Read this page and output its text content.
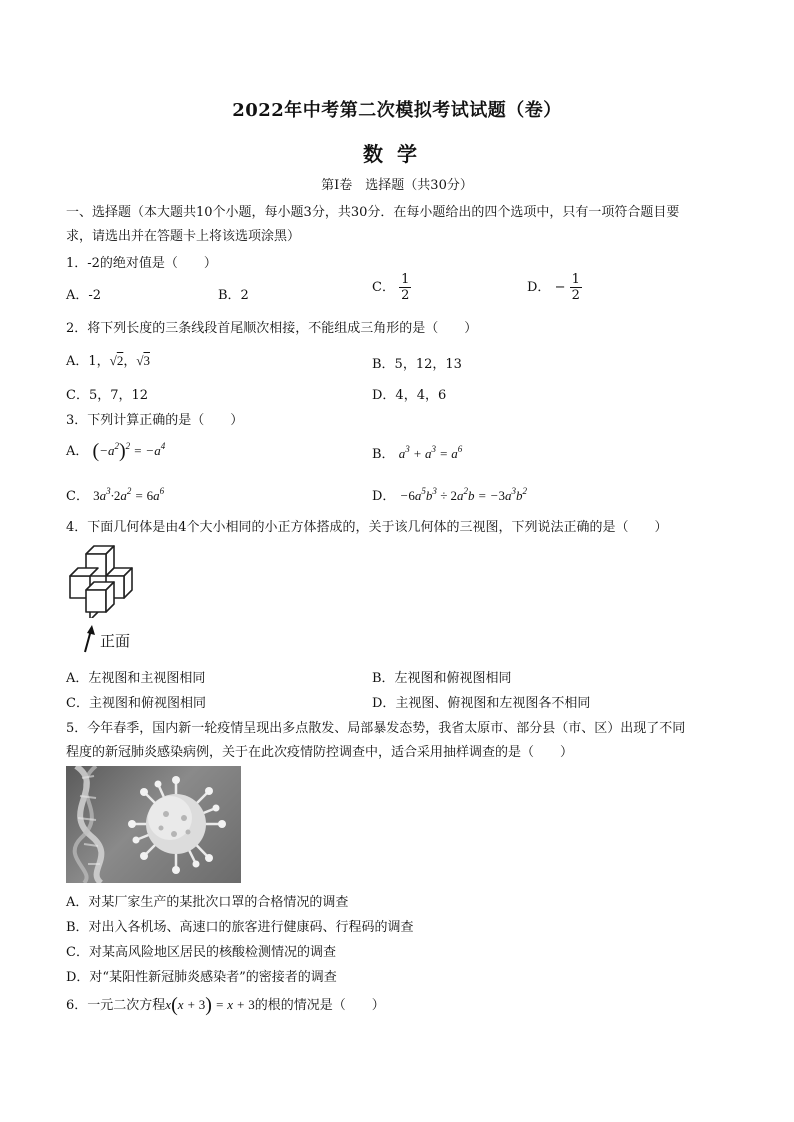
2022年中考第二次模拟考试试题（卷）
数学
第Ⅰ卷　选择题（共30分）
一、选择题（本大题共10个小题，每小题3分，共30分．在每小题给出的四个选项中，只有一项符合题目要
求，请选出并在答题卡上将该选项涂黑）
1．-2的绝对值是（　　）
A．-2	B．2
C． $\frac{1}{2}$	D． − $\frac{1}{2}$
2．将下列长度的三条线段首尾顺次相接，不能组成三角形的是（　　）
A．1，√2，√3	B．5，12，13
C．5，7，12	D．4，4，6
3．下列计算正确的是（　　）
A． $(-a^2)^2 = -a^4$
B． $a^3 + a^3 = a^6$
C． $3a^3\cdot 2a^2 = 6a^6$	D． $-6a^5b^3 \div 2a^2b = -3a^3b^2$
4．下面几何体是由4个大小相同的小正方体搭成的，关于该几何体的三视图，下列说法正确的是（　　）
正面
A．左视图和主视图相同	B．左视图和俯视图相同
C．主视图和俯视图相同	D．主视图、俯视图和左视图各不相同
5．今年春季，国内新一轮疫情呈现出多点散发、局部暴发态势，我省太原市、部分县（市、区）出现了不同
程度的新冠肺炎感染病例，关于在此次疫情防控调查中，适合采用抽样调查的是（　　）
A．对某厂家生产的某批次口罩的合格情况的调查
B．对出入各机场、高速口的旅客进行健康码、行程码的调查
C．对某高风险地区居民的核酸检测情况的调查
D．对“某阳性新冠肺炎感染者”的密接者的调查
6．一元二次方程x(x + 3) = x + 3的根的情况是（　　）
